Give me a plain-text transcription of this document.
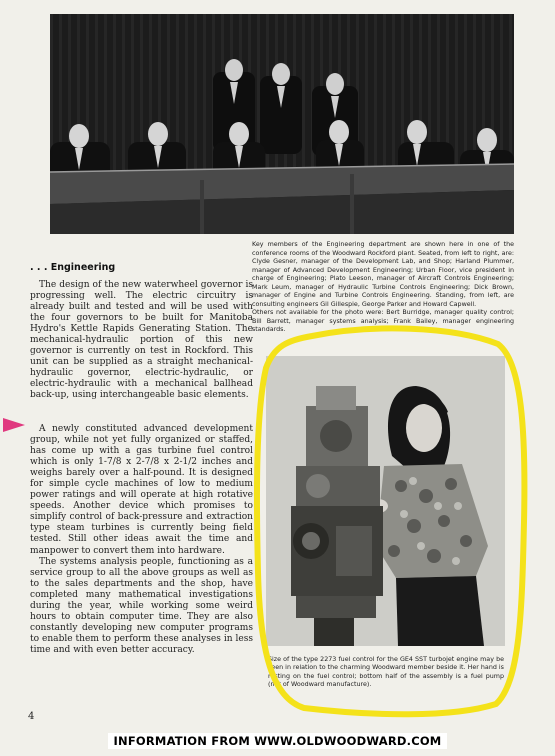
Key members of the Engineering department are shown here in one of the conference rooms of the Woodward Rockford plant. Seated, from left to right, are: Clyde Gesner, manager of the Development Lab, and Shop; Harland Plummer, manager of Advanced Development Engineering; Urban Floor, vice president in charge of Engineering; Plato Leeson, manager of Aircraft Controls Engineering; Mark Leum, manager of Hydraulic Turbine Controls Engineering; Dick Brown, manager of Engine and Turbine Controls Engineering. Standing, from left, are consulting engineers Gil Gillespie, George Parker and Howard Capwell.

Others not available for the photo were: Bert Burridge, manager quality control; Bill Barrett, manager systems analysis; Frank Bailey, manager engineering standards.

. . . Engineering

The design of the new waterwheel governor is progressing well. The electric circuitry is already built and tested and will be used with the four governors to be built for Manitoba Hydro's Kettle Rapids Generating Station. The mechanical-hydraulic portion of this new governor is currently on test in Rockford. This unit can be supplied as a straight mechanical-hydraulic governor, electric-hydraulic, or electric-hydraulic with a mechanical ballhead back-up, using interchangeable basic elements.

A newly constituted advanced development group, while not yet fully organized or staffed, has come up with a gas turbine fuel control which is only 1-7/8 x 2-7/8 x 2-1/2 inches and weighs barely over a half-pound. It is designed for simple cycle machines of low to medium power ratings and will operate at high rotative speeds. Another device which promises to simplify control of back-pressure and extraction type steam turbines is currently being field tested. Still other ideas await the time and manpower to convert them into hardware.

The systems analysis people, functioning as a service group to all the above groups as well as to the sales departments and the shop, have completed many mathematical investigations during the year, while working some weird hours to obtain computer time. They are also constantly developing new computer programs to enable them to perform these analyses in less time and with even better accuracy.

Size of the type 2273 fuel control for the GE4 SST turbojet engine may be seen in relation to the charming Woodward member beside it. Her hand is resting on the fuel control; bottom half of the assembly is a fuel pump (not of Woodward manufacture).

4
INFORMATION FROM WWW.OLDWOODWARD.COM
